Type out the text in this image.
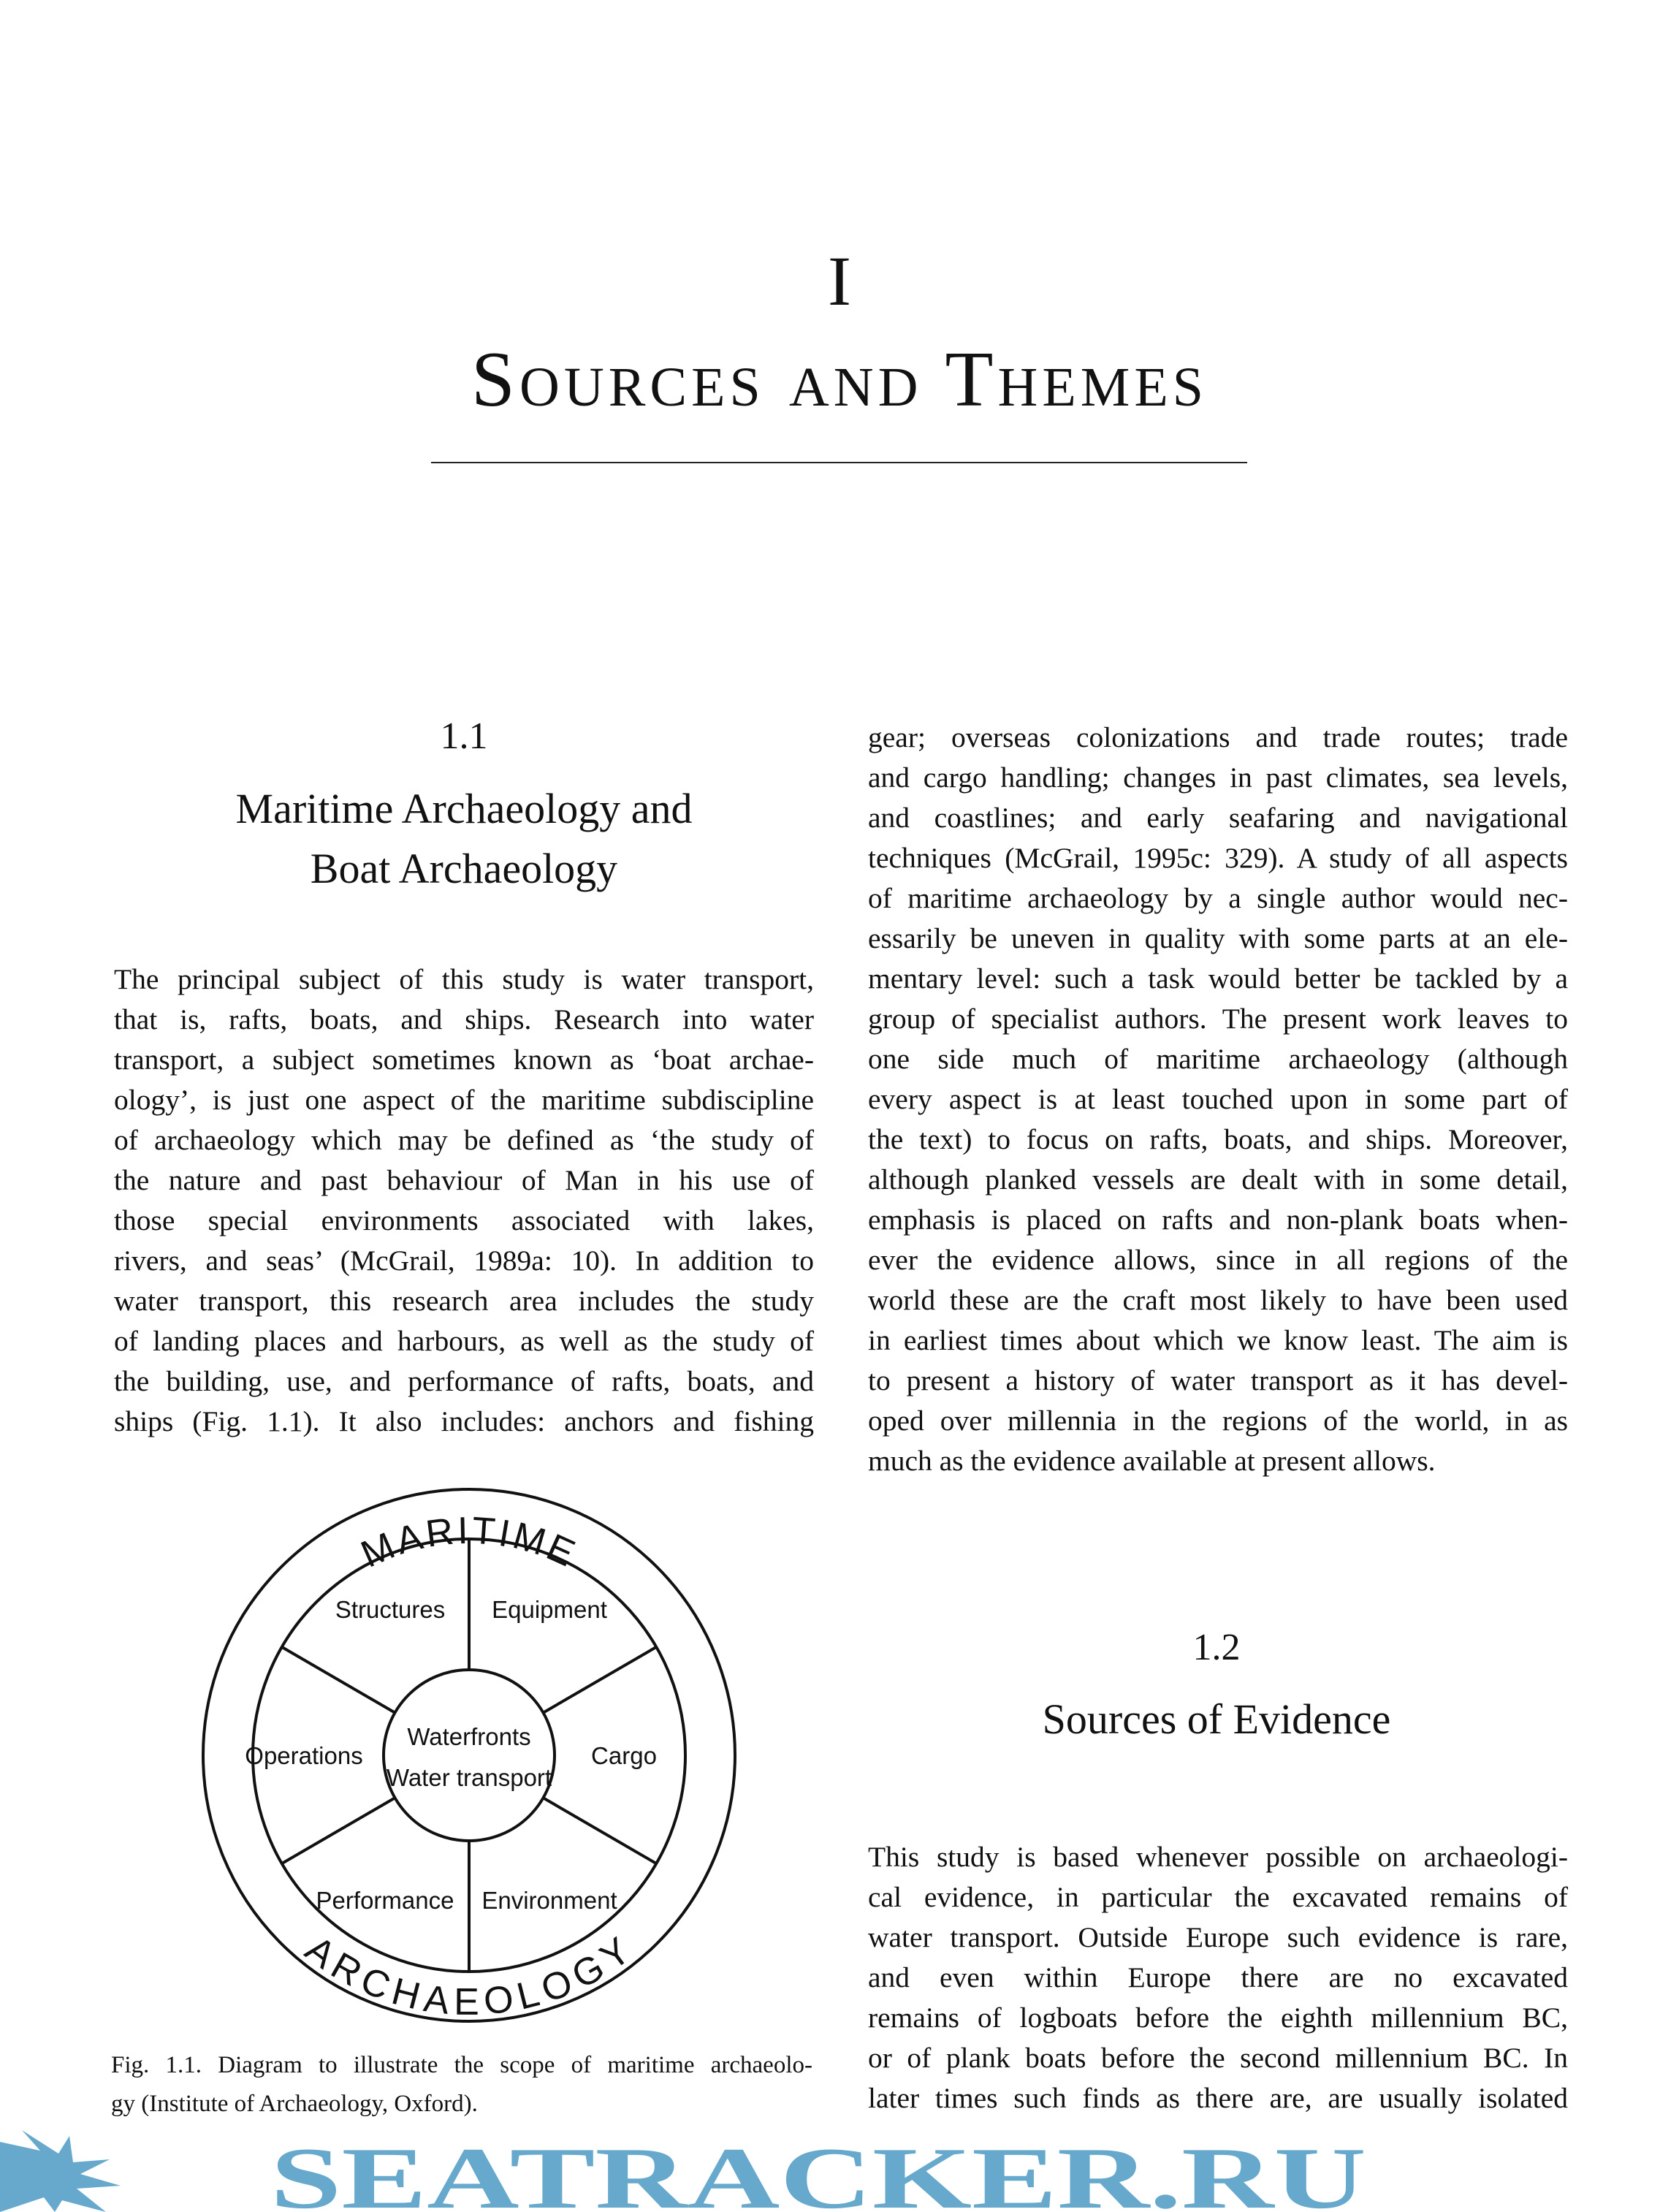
I
Sources and Themes
1.1
Maritime Archaeology and
Boat Archaeology
The principal subject of this study is water transport,
that is, rafts, boats, and ships. Research into water
transport, a subject sometimes known as ‘boat archae-
ology’, is just one aspect of the maritime subdiscipline
of archaeology which may be defined as ‘the study of
the nature and past behaviour of Man in his use of
those special environments associated with lakes,
rivers, and seas’ (McGrail, 1989a: 10). In addition to
water transport, this research area includes the study
of landing places and harbours, as well as the study of
the building, use, and performance of rafts, boats, and
ships (Fig. 1.1). It also includes: anchors and fishing
gear; overseas colonizations and trade routes; trade
and cargo handling; changes in past climates, sea levels,
and coastlines; and early seafaring and navigational
techniques (McGrail, 1995c: 329). A study of all aspects
of maritime archaeology by a single author would nec-
essarily be uneven in quality with some parts at an ele-
mentary level: such a task would better be tackled by a
group of specialist authors. The present work leaves to
one side much of maritime archaeology (although
every aspect is at least touched upon in some part of
the text) to focus on rafts, boats, and ships. Moreover,
although planked vessels are dealt with in some detail,
emphasis is placed on rafts and non-plank boats when-
ever the evidence allows, since in all regions of the
world these are the craft most likely to have been used
in earliest times about which we know least. The aim is
to present a history of water transport as it has devel-
oped over millennia in the regions of the world, in as
much as the evidence available at present allows.
1.2
Sources of Evidence
This study is based whenever possible on archaeologi-
cal evidence, in particular the excavated remains of
water transport. Outside Europe such evidence is rare,
and even within Europe there are no excavated
remains of logboats before the eighth millennium BC,
or of plank boats before the second millennium BC. In
later times such finds as there are, are usually isolated
MARITIME
ARCHAEOLOGY
Waterfronts
Water transport
Structures Equipment
Cargo
Environment
Performance
Operations
Fig. 1.1. Diagram to illustrate the scope of maritime archaeolo-
gy (Institute of Archaeology, Oxford).
SEATRACKER.RU
